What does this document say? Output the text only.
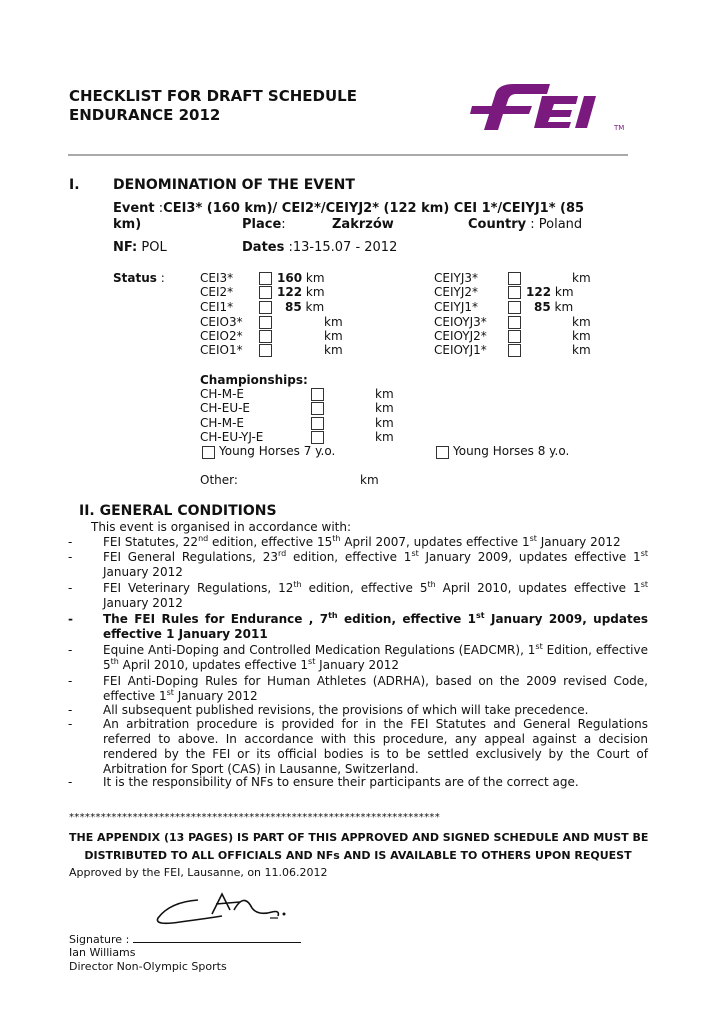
CHECKLIST FOR DRAFT SCHEDULE
ENDURANCE 2012
TM
I. DENOMINATION OF THE EVENT
Event :CEI3* (160 km)/ CEI2*/CEIYJ2* (122 km) CEI 1*/CEIYJ1* (85
km)	Place:	Zakrzów	Country : Poland
NF: POL	Dates :13-15.07 - 2012
Status :	CEI3*	160 km
CEI2*	122 km
CEI1*	85 km
CEIO3*	km
CEIO2*	km
CEIO1*	km
CEIYJ3*	km
CEIYJ2*	122 km
CEIYJ1*	85 km
CEIOYJ3*	km
CEIOYJ2*	km
CEIOYJ1*	km
Championships:
CH-M-E	km
CH-EU-E	km
CH-M-E	km
CH-EU-YJ-E	km
Young Horses 7 y.o.	Young Horses 8 y.o.
Other:	km
II. GENERAL CONDITIONS
This event is organised in accordance with:
-	FEI Statutes, 22nd edition, effective 15th April 2007, updates effective 1st January 2012
-	FEI General Regulations, 23rd edition, effective 1st January 2009, updates effective 1st January 2012
-	FEI Veterinary Regulations, 12th edition, effective 5th April 2010, updates effective 1st January 2012
-	The FEI Rules for Endurance , 7th edition, effective 1st January 2009, updates effective 1 January 2011
-	Equine Anti-Doping and Controlled Medication Regulations (EADCMR), 1st Edition, effective 5th April 2010, updates effective 1st January 2012
-	FEI Anti-Doping Rules for Human Athletes (ADRHA), based on the 2009 revised Code, effective 1st January 2012
-	All subsequent published revisions, the provisions of which will take precedence.
-	An arbitration procedure is provided for in the FEI Statutes and General Regulations referred to above. In accordance with this procedure, any appeal against a decision rendered by the FEI or its official bodies is to be settled exclusively by the Court of Arbitration for Sport (CAS) in Lausanne, Switzerland.
-	It is the responsibility of NFs to ensure their participants are of the correct age.
**********************************************************************
THE APPENDIX (13 PAGES) IS PART OF THIS APPROVED AND SIGNED SCHEDULE AND MUST BE
DISTRIBUTED TO ALL OFFICIALS AND NFs AND IS AVAILABLE TO OTHERS UPON REQUEST
Approved by the FEI, Lausanne, on 11.06.2012
Signature :
Ian Williams
Director Non-Olympic Sports
